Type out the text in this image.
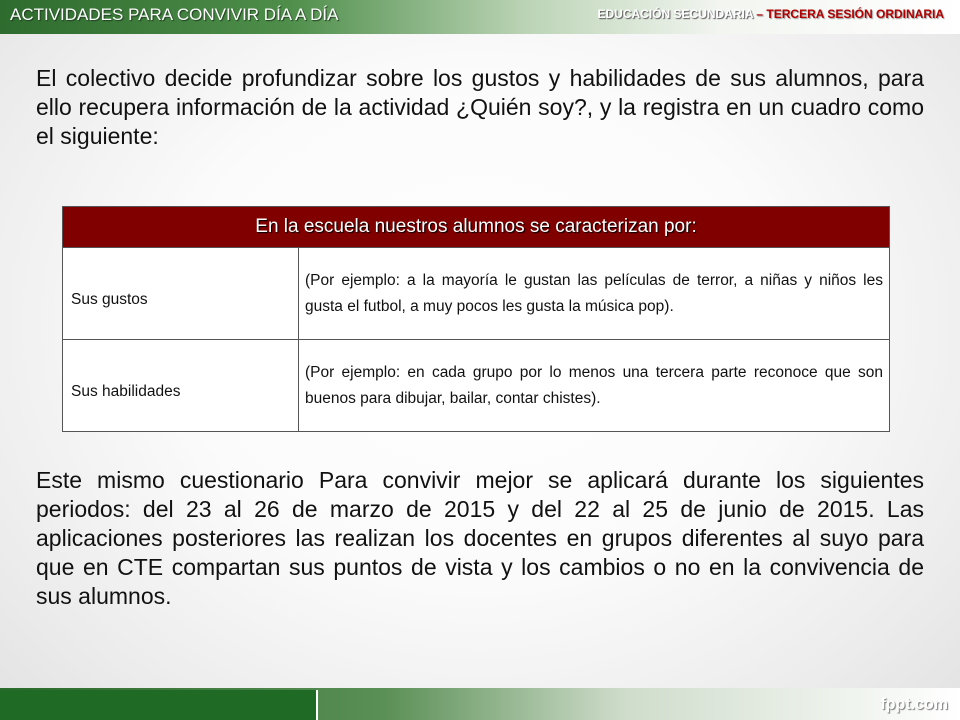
ACTIVIDADES PARA CONVIVIR DÍA A DÍA	EDUCACIÓN SECUNDARIA – TERCERA SESIÓN ORDINARIA

El colectivo decide profundizar sobre los gustos y habilidades de sus alumnos, para ello recupera información de la actividad ¿Quién soy?, y la registra en un cuadro como el siguiente:

En la escuela nuestros alumnos se caracterizan por:	
Sus gustos	(Por ejemplo: a la mayoría le gustan las películas de terror, a niñas y niños les gusta el futbol, a muy pocos les gusta la música pop).
Sus habilidades	(Por ejemplo: en cada grupo por lo menos una tercera parte reconoce que son buenos para dibujar, bailar, contar chistes).

Este mismo cuestionario Para convivir mejor se aplicará durante los siguientes periodos: del 23 al 26 de marzo de 2015 y del 22 al 25 de junio de 2015. Las aplicaciones posteriores las realizan los docentes en grupos diferentes al suyo para que en CTE compartan sus puntos de vista y los cambios o no en la convivencia de sus alumnos.

fppt.com
